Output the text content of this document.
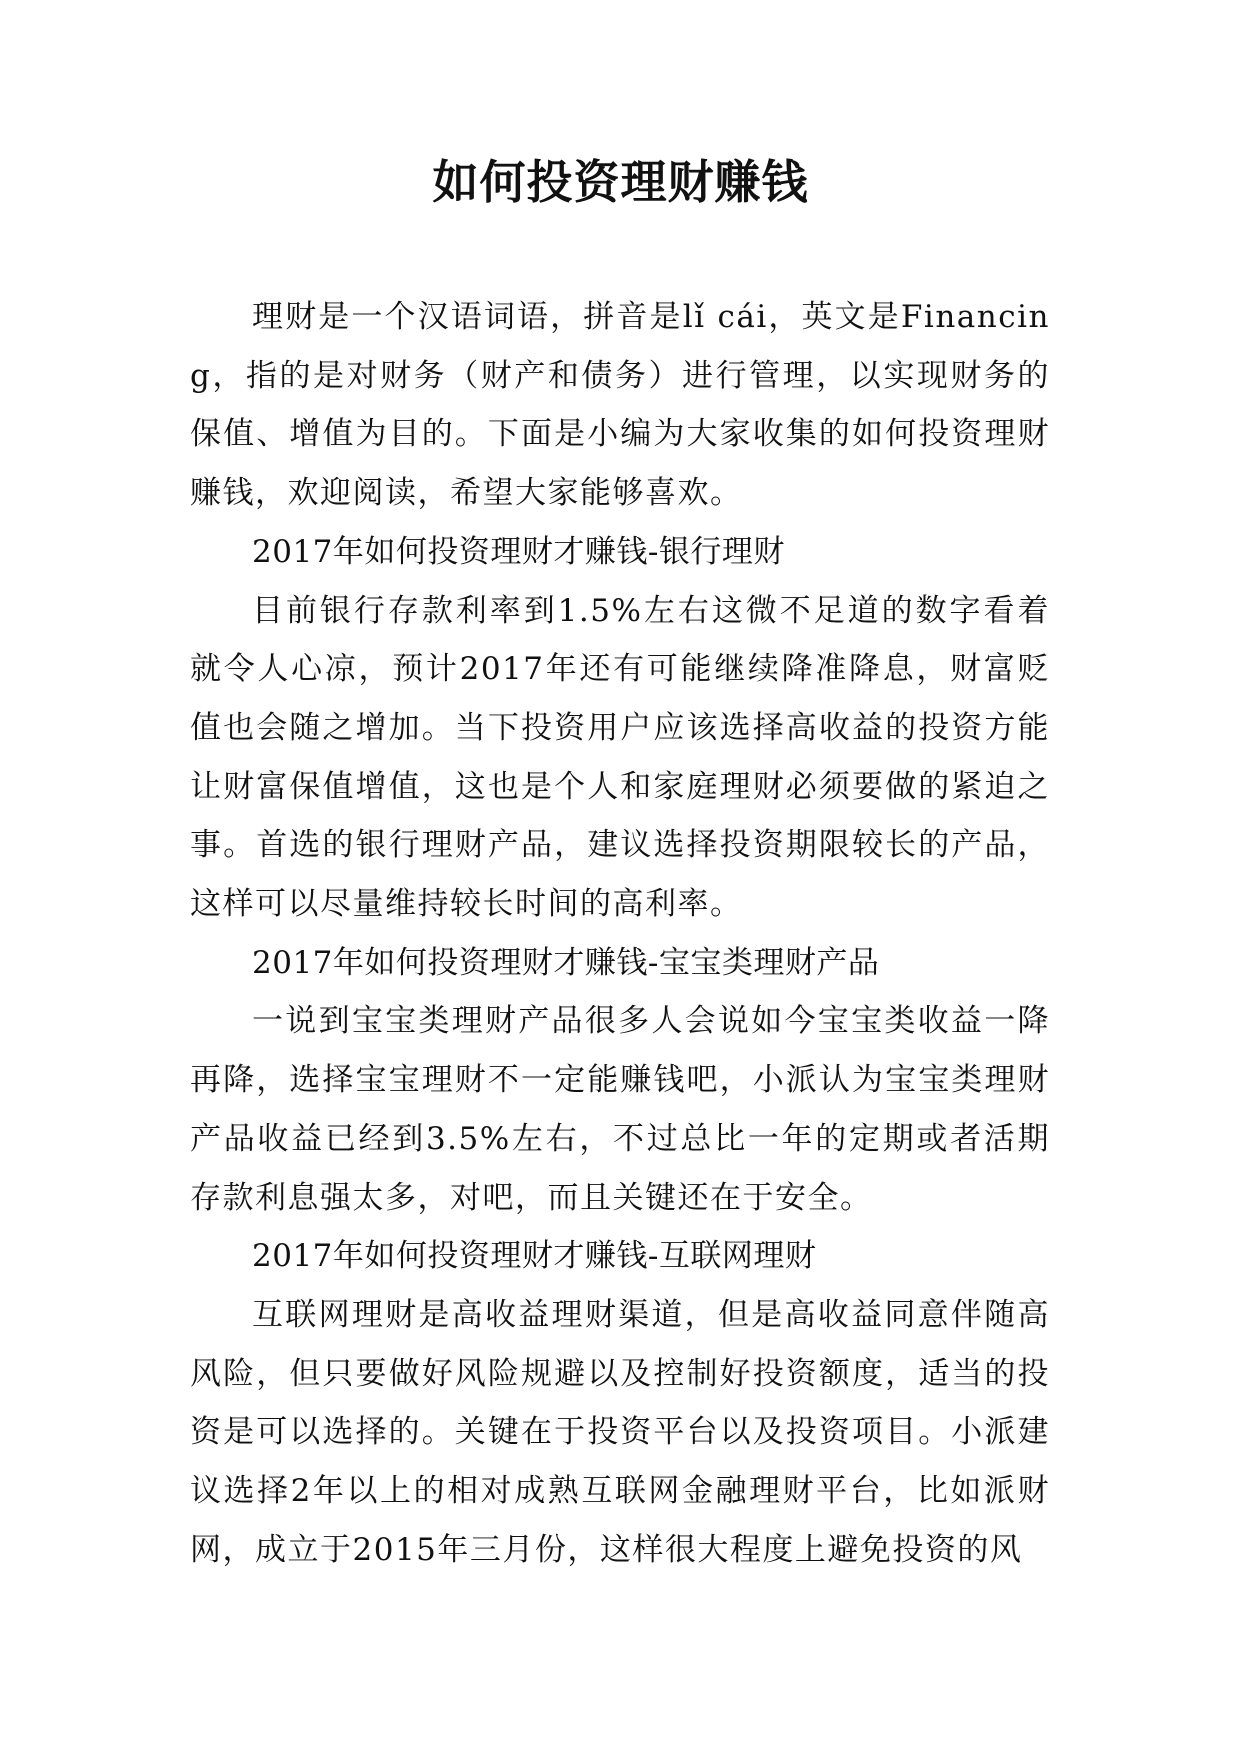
如何投资理财赚钱

理财是一个汉语词语，拼音是lǐ cái，英文是Financing，指的是对财务（财产和债务）进行管理，以实现财务的保值、增值为目的。下面是小编为大家收集的如何投资理财赚钱，欢迎阅读，希望大家能够喜欢。

2017年如何投资理财才赚钱-银行理财

目前银行存款利率到1.5%左右这微不足道的数字看着就令人心凉，预计2017年还有可能继续降准降息，财富贬值也会随之增加。当下投资用户应该选择高收益的投资方能让财富保值增值，这也是个人和家庭理财必须要做的紧迫之事。首选的银行理财产品，建议选择投资期限较长的产品，这样可以尽量维持较长时间的高利率。

2017年如何投资理财才赚钱-宝宝类理财产品

一说到宝宝类理财产品很多人会说如今宝宝类收益一降再降，选择宝宝理财不一定能赚钱吧，小派认为宝宝类理财产品收益已经到3.5%左右，不过总比一年的定期或者活期存款利息强太多，对吧，而且关键还在于安全。

2017年如何投资理财才赚钱-互联网理财

互联网理财是高收益理财渠道，但是高收益同意伴随高风险，但只要做好风险规避以及控制好投资额度，适当的投资是可以选择的。关键在于投资平台以及投资项目。小派建议选择2年以上的相对成熟互联网金融理财平台，比如派财网，成立于2015年三月份，这样很大程度上避免投资的风
